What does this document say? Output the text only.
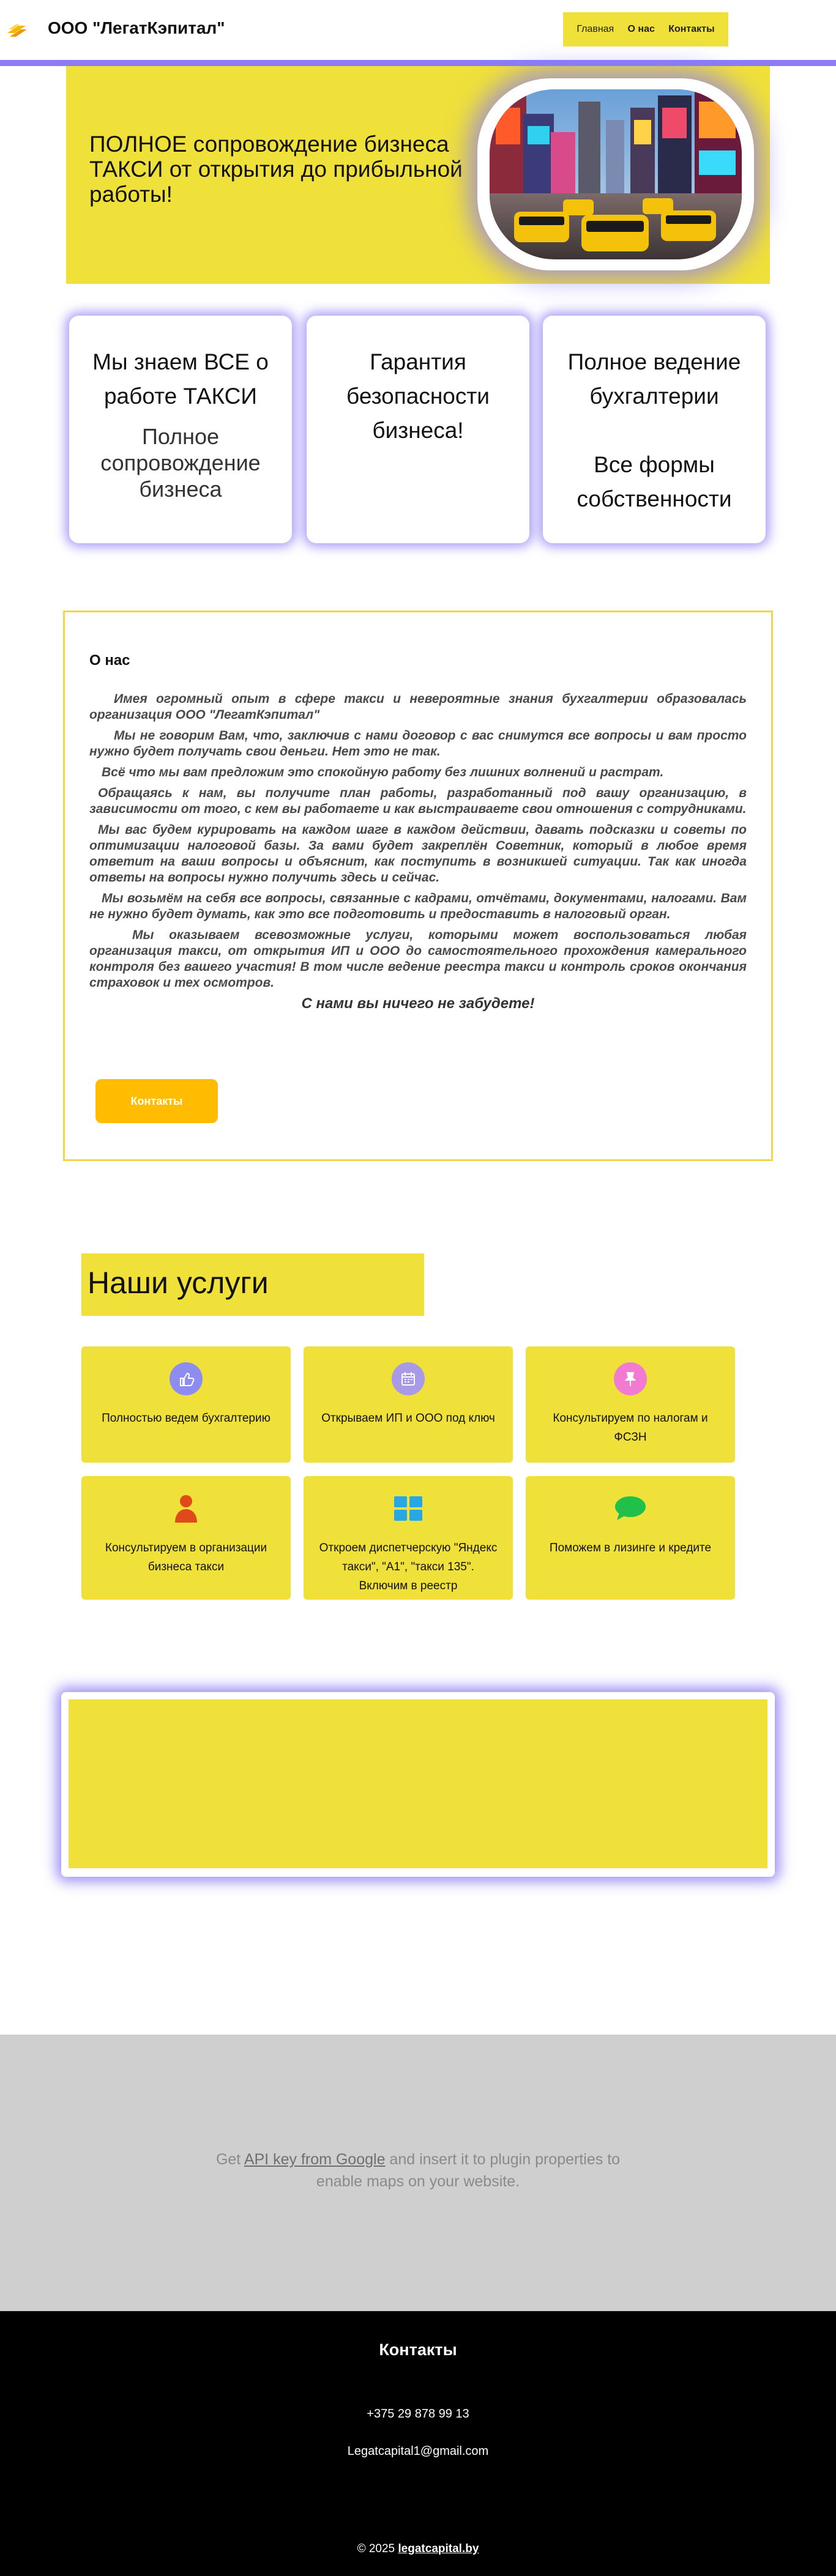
ООО "ЛегатКэпитал"	Главная О нас Контакты
ПОЛНОЕ сопровождение бизнеса ТАКСИ от открытия до прибыльной работы!
Мы знаем ВСЕ о
работе ТАКСИ
Полное сопровождение бизнеса
Гарантия
безопасности
бизнеса!
Полное ведение
бухгалтерии
Все формы
собственности
О нас

Имея огромный опыт в сфере такси и невероятные знания бухгалтерии образовалась организация ООО "ЛегатКэпитал"

Мы не говорим Вам, что, заключив с нами договор с вас снимутся все вопросы и вам просто нужно будет получать свои деньги. Нет это не так.

Всё что мы вам предложим это спокойную работу без лишних волнений и растрат.

Обращаясь к нам, вы получите план работы, разработанный под вашу организацию, в зависимости от того, с кем вы работаете и как выстраиваете свои отношения с сотрудниками.

Мы вас будем курировать на каждом шаге в каждом действии, давать подсказки и советы по оптимизации налоговой базы. За вами будет закреплён Советник, который в любое время ответит на ваши вопросы и объяснит, как поступить в возникшей ситуации. Так как иногда ответы на вопросы нужно получить здесь и сейчас.

Мы возьмём на себя все вопросы, связанные с кадрами, отчётами, документами, налогами. Вам не нужно будет думать, как это все подготовить и предоставить в налоговый орган.

Мы оказываем всевозможные услуги, которыми может воспользоваться любая организация такси, от открытия ИП и ООО до самостоятельного прохождения камерального контроля без вашего участия! В том числе ведение реестра такси и контроль сроков окончания страховок и тех осмотров.

С нами вы ничего не забудете!

Контакты
Наши услуги
Полностью ведем бухгалтерию	Открываем ИП и ООО под ключ	Консультируем по налогам и ФСЗН
Консультируем в организации бизнеса такси
Откроем диспетчерскую "Яндекс такси", "А1", "такси 135". Включим в реестр
Поможем в лизинге и кредите
Get API key from Google and insert it to plugin properties to enable maps on your website.
Контакты
+375 29 878 99 13
Legatcapital1@gmail.com
© 2025 legatcapital.by
